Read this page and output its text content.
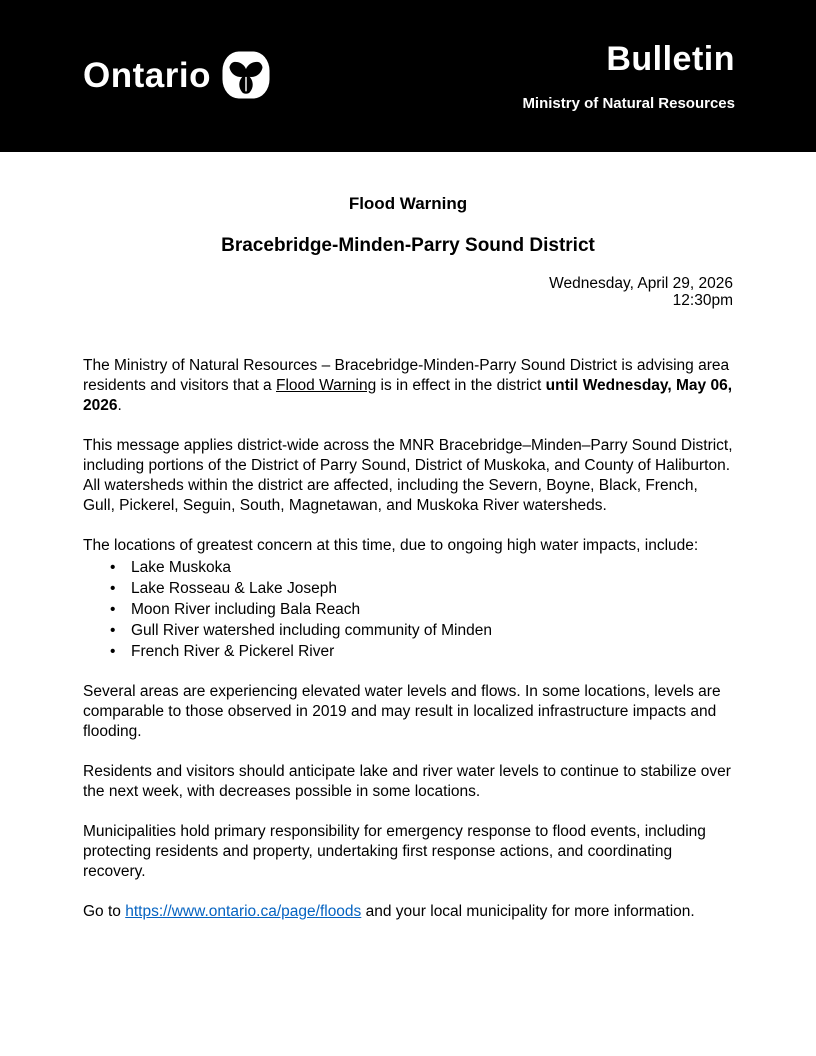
Ontario	Bulletin
Ministry of Natural Resources
Flood Warning
Bracebridge-Minden-Parry Sound District
Wednesday, April 29, 2026
12:30pm

The Ministry of Natural Resources – Bracebridge-Minden-Parry Sound District is advising area residents and visitors that a Flood Warning is in effect in the district until Wednesday, May 06, 2026.

This message applies district-wide across the MNR Bracebridge–Minden–Parry Sound District, including portions of the District of Parry Sound, District of Muskoka, and County of Haliburton. All watersheds within the district are affected, including the Severn, Boyne, Black, French, Gull, Pickerel, Seguin, South, Magnetawan, and Muskoka River watersheds.

The locations of greatest concern at this time, due to ongoing high water impacts, include:

• Lake Muskoka
• Lake Rosseau & Lake Joseph
• Moon River including Bala Reach
• Gull River watershed including community of Minden
• French River & Pickerel River

Several areas are experiencing elevated water levels and flows. In some locations, levels are comparable to those observed in 2019 and may result in localized infrastructure impacts and flooding.

Residents and visitors should anticipate lake and river water levels to continue to stabilize over the next week, with decreases possible in some locations.

Municipalities hold primary responsibility for emergency response to flood events, including protecting residents and property, undertaking first response actions, and coordinating recovery.

Go to https://www.ontario.ca/page/floods and your local municipality for more information.
